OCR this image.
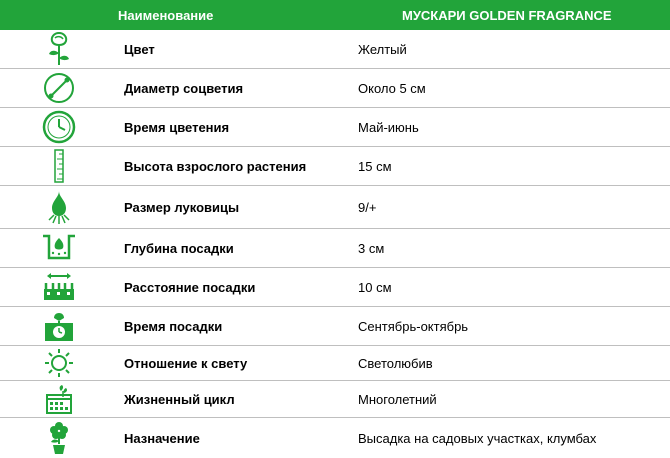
Наименование	МУСКАРИ GOLDEN FRAGRANCE
Цвет	Желтый
Диаметр соцветия	Около 5 см
Время цветения	Май-июнь
Высота взрослого растения	15 см
Размер луковицы	9/+
Глубина посадки	3 см
Расстояние посадки	10 см
Время посадки	Сентябрь-октябрь
Отношение к свету	Светолюбив
Жизненный цикл	Многолетний
Назначение	Высадка на садовых участках, клумбах
